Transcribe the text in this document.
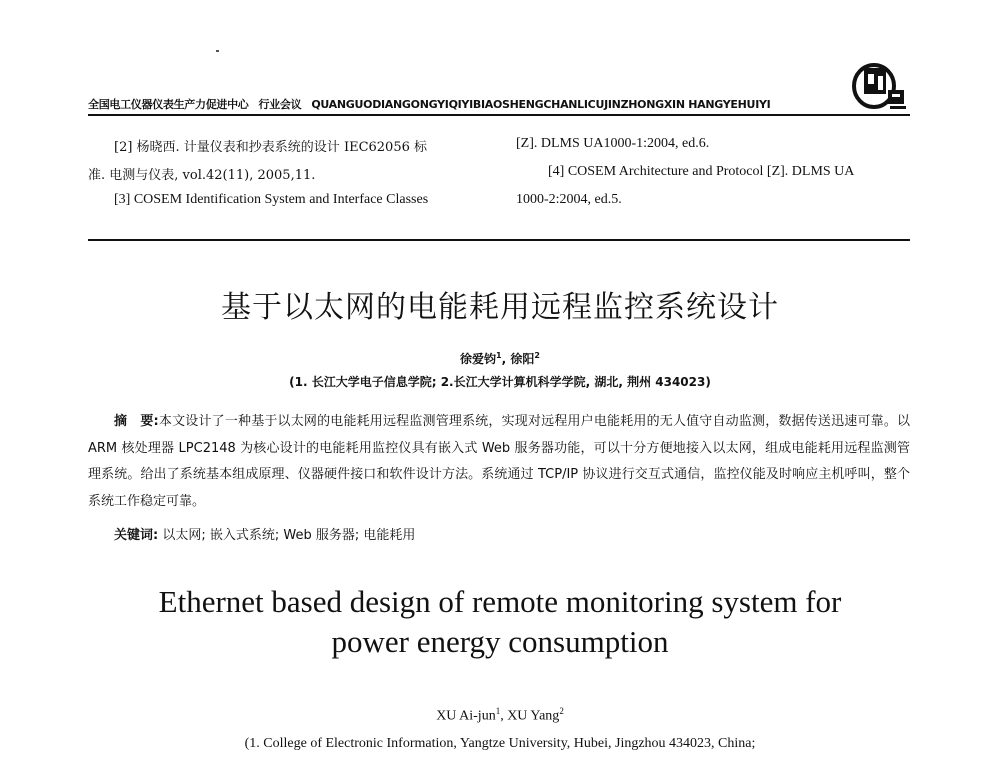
全国电工仪器仪表生产力促进中心 行业会议 QUANGUODIANGONGYIQIYIBIAOSHENGCHANLICUJINZHONGXIN HANGYEHUIYI
[2] 杨晓西. 计量仪表和抄表系统的设计 IEC62056 标
准. 电测与仪表, vol.42(11), 2005,11.
[3] COSEM Identification System and Interface Classes
[Z]. DLMS UA1000-1:2004, ed.6.
[4] COSEM Architecture and Protocol [Z]. DLMS UA
1000-2:2004, ed.5.
基于以太网的电能耗用远程监控系统设计
徐爱钧$^1$, 徐阳$^2$
(1. 长江大学电子信息学院; 2.长江大学计算机科学学院, 湖北, 荆州 434023)
摘　要:本文设计了一种基于以太网的电能耗用远程监测管理系统，实现对远程用户电能耗用的无人值守自动监测，数据传送迅速可靠。以 ARM 核处理器 LPC2148 为核心设计的电能耗用监控仪具有嵌入式 Web 服务器功能，可以十分方便地接入以太网，组成电能耗用远程监测管理系统。给出了系统基本组成原理、仪器硬件接口和软件设计方法。系统通过 TCP/IP 协议进行交互式通信，监控仪能及时响应主机呼叫，整个系统工作稳定可靠。
关键词: 以太网; 嵌入式系统; Web 服务器; 电能耗用
Ethernet based design of remote monitoring system for
power energy consumption
XU Ai-jun$^1$, XU Yang$^2$
(1. College of Electronic Information, Yangtze University, Hubei, Jingzhou 434023, China;
